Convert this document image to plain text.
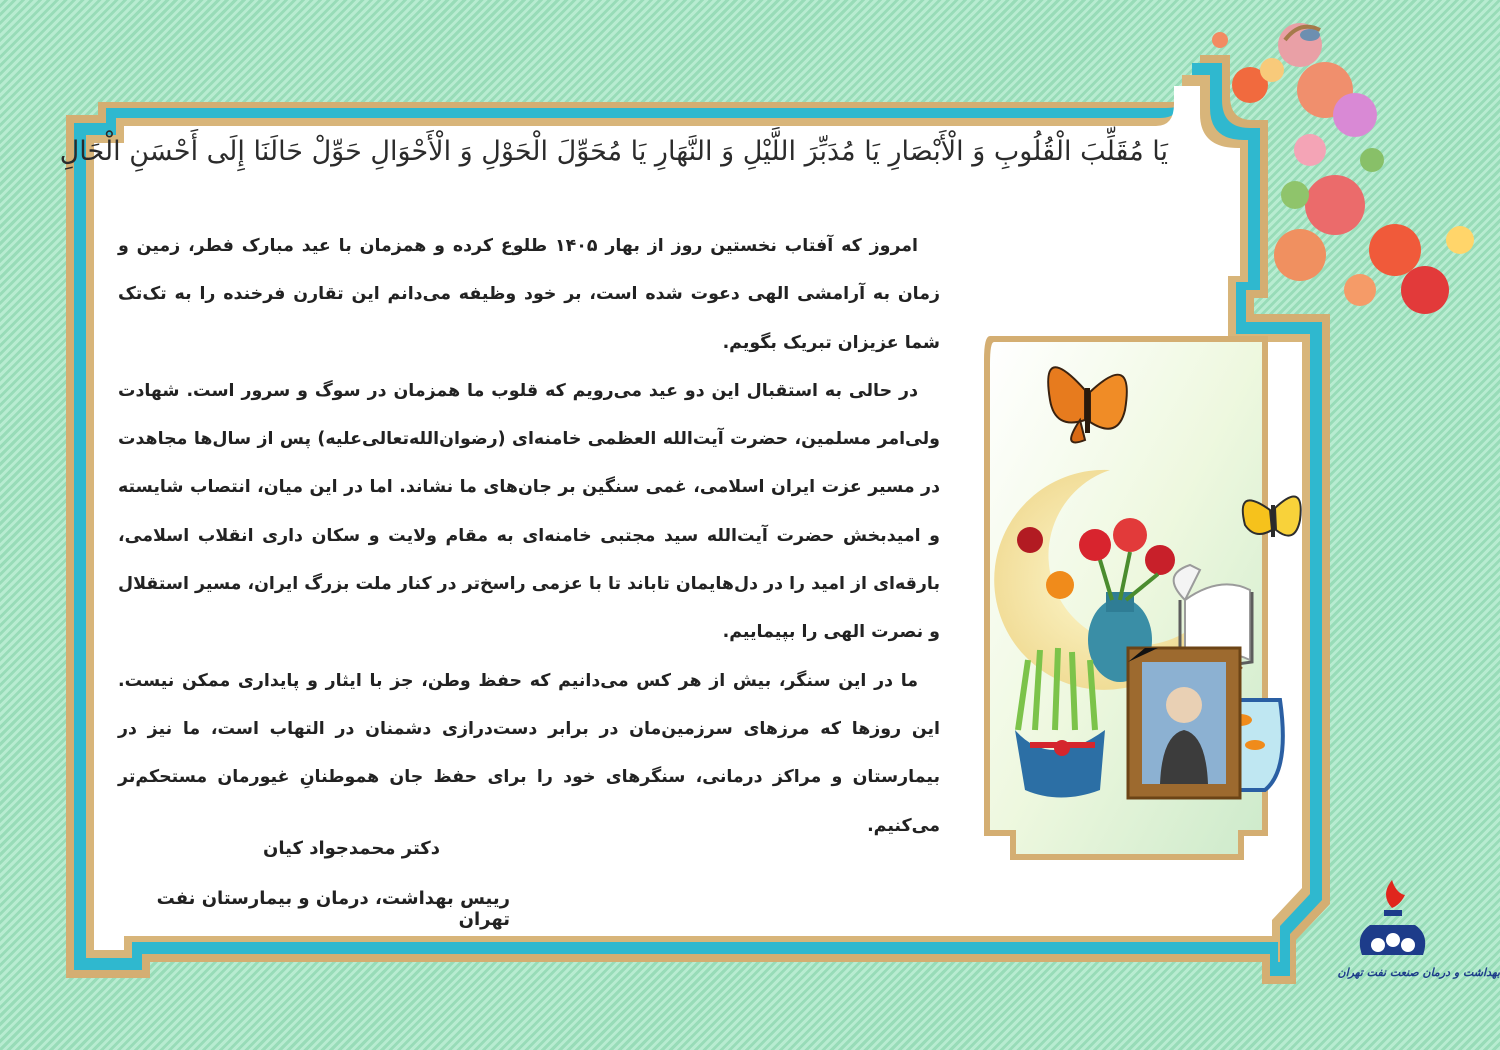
يَا مُقَلِّبَ الْقُلُوبِ وَ الْأَبْصَارِ يَا مُدَبِّرَ اللَّيْلِ وَ النَّهَارِ يَا مُحَوِّلَ الْحَوْلِ وَ الْأَحْوَالِ حَوِّلْ حَالَنَا إِلَى أَحْسَنِ الْحَالِ

امروز که آفتاب نخستین روز از بهار ۱۴۰۵ طلوع کرده و همزمان با عید مبارک فطر، زمین و زمان به آرامشی الهی دعوت شده است، بر خود وظیفه می‌دانم این تقارن فرخنده را به تک‌تک شما عزیزان تبریک بگویم.

در حالی به استقبال این دو عید می‌رویم که قلوب ما همزمان در سوگ و سرور است. شهادت ولی‌امر مسلمین، حضرت آیت‌الله العظمی خامنه‌ای (رضوان‌الله‌تعالی‌علیه) پس از سال‌ها مجاهدت در مسیر عزت ایران اسلامی، غمی سنگین بر جان‌های ما نشاند. اما در این میان، انتصاب شایسته و امیدبخش حضرت آیت‌الله سید مجتبی خامنه‌ای به مقام ولایت و سکان داری انقلاب اسلامی، بارقه‌ای از امید را در دل‌هایمان تاباند تا با عزمی راسخ‌تر در کنار ملت بزرگ ایران، مسیر استقلال و نصرت الهی را بپیماییم.

ما در این سنگر، بیش از هر کس می‌دانیم که حفظ وطن، جز با ایثار و پایداری ممکن نیست. این روزها که مرزهای سرزمین‌مان در برابر دست‌درازی دشمنان در التهاب است، ما نیز در بیمارستان و مراکز درمانی، سنگرهای خود را برای حفظ جان هموطنانِ غیورمان مستحکم‌تر می‌کنیم.

دکتر محمدجواد کیان
رییس بهداشت، درمان و بیمارستان نفت تهران
بهداشت و درمان صنعت نفت تهران
